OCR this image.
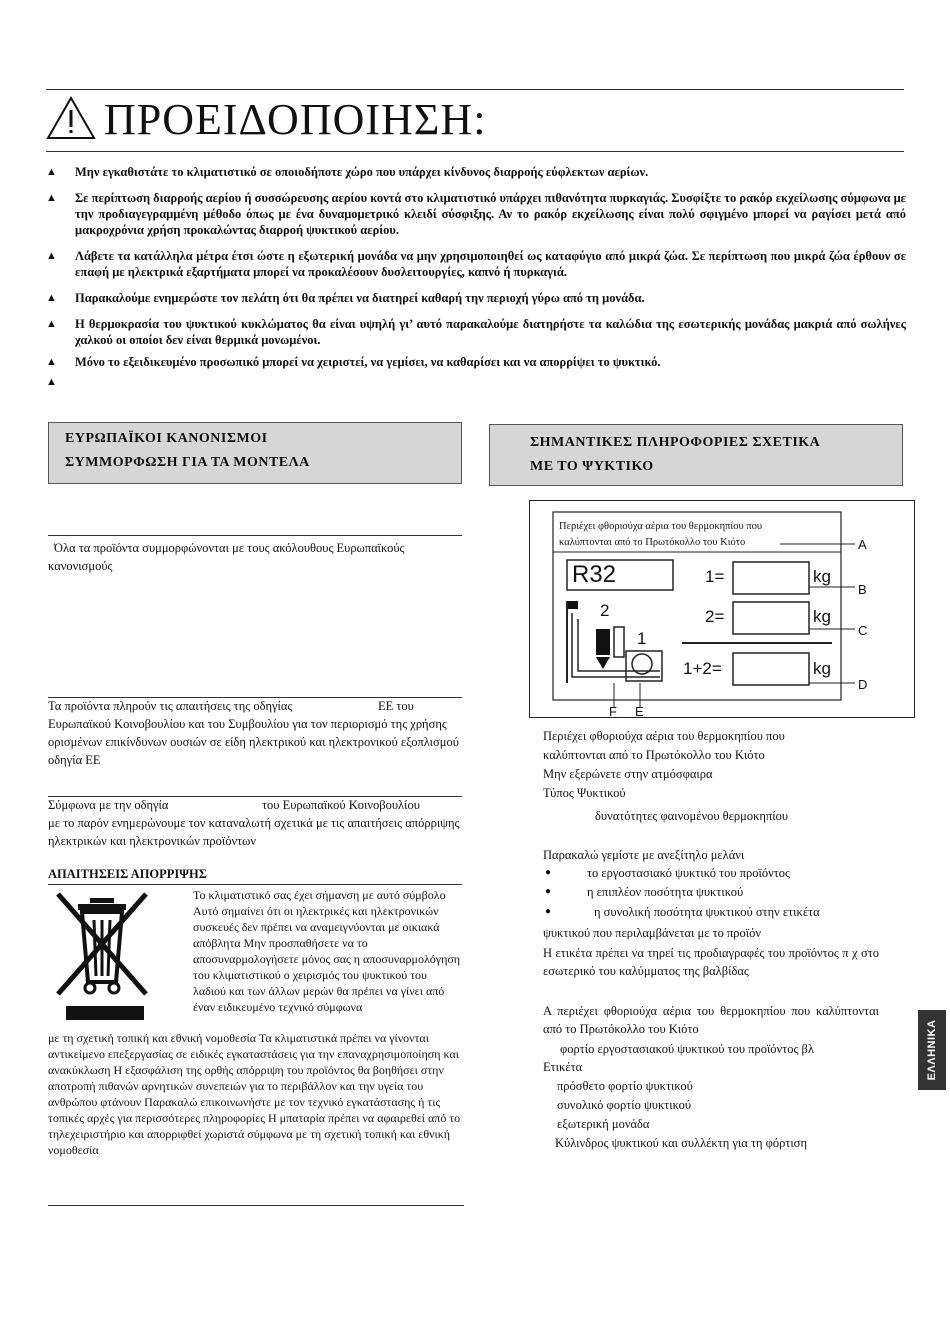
ΠΡΟΕΙΔΟΠΟΙΗΣΗ:
▲ Μην εγκαθιστάτε το κλιματιστικό σε οποιοδήποτε χώρο που υπάρχει κίνδυνος διαρροής εύφλεκτων αερίων.
▲ Σε περίπτωση διαρροής αερίου ή συσσώρευσης αερίου κοντά στο κλιματιστικό υπάρχει πιθανότητα πυρκαγιάς. Συσφίξτε το ρακόρ εκχείλωσης σύμφωνα με την προδιαγεγραμμένη μέθοδο όπως με ένα δυναμομετρικό κλειδί σύσφιξης. Αν το ρακόρ εκχείλωσης είναι πολύ σφιγμένο μπορεί να ραγίσει μετά από μακροχρόνια χρήση προκαλώντας διαρροή ψυκτικού αερίου.
▲ Λάβετε τα κατάλληλα μέτρα έτσι ώστε η εξωτερική μονάδα να μην χρησιμοποιηθεί ως καταφύγιο από μικρά ζώα. Σε περίπτωση που μικρά ζώα έρθουν σε επαφή με ηλεκτρικά εξαρτήματα μπορεί να προκαλέσουν δυσλειτουργίες, καπνό ή πυρκαγιά.
▲ Παρακαλούμε ενημερώστε τον πελάτη ότι θα πρέπει να διατηρεί καθαρή την περιοχή γύρω από τη μονάδα.
▲ Η θερμοκρασία του ψυκτικού κυκλώματος θα είναι υψηλή γι’ αυτό παρακαλούμε διατηρήστε τα καλώδια της εσωτερικής μονάδας μακριά από σωλήνες χαλκού οι οποίοι δεν είναι θερμικά μονωμένοι.
▲ Μόνο το εξειδικευμένο προσωπικό μπορεί να χειριστεί, να γεμίσει, να καθαρίσει και να απορρίψει το ψυκτικό.
▲
ΕΥΡΩΠΑΪΚΟΙ ΚΑΝΟΝΙΣΜΟΙ
ΣΥΜΜΟΡΦΩΣΗ ΓΙΑ ΤΑ ΜΟΝΤΕΛΑ
Όλα τα προϊόντα συμμορφώνονται με τους ακόλουθους Ευρωπαϊκούς κανονισμούς
Τα προϊόντα πληρούν τις απαιτήσεις της οδηγίας	ΕΕ του
Ευρωπαϊκού Κοινοβουλίου και του Συμβουλίου για τον περιορισμό της χρήσης ορισμένων επικίνδυνων ουσιών σε είδη ηλεκτρικού και ηλεκτρονικού εξοπλισμού οδηγία ΕΕ
Σύμφωνα με την οδηγία	του Ευρωπαϊκού Κοινοβουλίου
με το παρόν ενημερώνουμε τον καταναλωτή σχετικά με τις απαιτήσεις απόρριψης ηλεκτρικών και ηλεκτρονικών προϊόντων
ΑΠΑΙΤΗΣΕΙΣ ΑΠΟΡΡΙΨΗΣ
Το κλιματιστικό σας έχει σήμανση με αυτό σύμβολο Αυτό σημαίνει ότι οι ηλεκτρικές και ηλεκτρονικών συσκευές δεν πρέπει να αναμειγνύονται με οικιακά απόβλητα Μην προσπαθήσετε να το αποσυναρμολογήσετε μόνος σας η αποσυναρμολόγηση του κλιματιστικού ο χειρισμός του ψυκτικού του λαδιού και των άλλων μερών θα πρέπει να γίνει από έναν ειδικευμένο τεχνικό σύμφωνα
με τη σχετική τοπική και εθνική νομοθεσία Τα κλιματιστικά πρέπει να γίνονται αντικείμενο επεξεργασίας σε ειδικές εγκαταστάσεις για την επαναχρησιμοποίηση και ανακύκλωση Η εξασφάλιση της ορθής απόρριψη του προϊόντος θα βοηθήσει στην αποτροπή πιθανών αρνητικών συνεπειών για το περιβάλλον και την υγεία του ανθρώπου φτάνουν Παρακαλώ επικοινωνήστε με τον τεχνικό εγκατάστασης ή τις τοπικές αρχές για περισσότερες πληροφορίες Η μπαταρία πρέπει να αφαιρεθεί από το τηλεχειριστήριο και απορριφθεί χωριστά σύμφωνα με τη σχετική τοπική και εθνική νομοθεσία
ΣΗΜΑΝΤΙΚΕΣ ΠΛΗΡΟΦΟΡΙΕΣ ΣΧΕΤΙΚΑ
ΜΕ ΤΟ ΨΥΚΤΙΚΟ
Περιέχει φθοριούχα αέρια του θερμοκηπίου που
καλύπτονται από το Πρωτόκολλο του Κιότο
R32	1=
2=
1+2=
kg
kg
kg
2
1
A
B
C
D
F E
Περιέχει φθοριούχα αέρια του θερμοκηπίου που
καλύπτονται από το Πρωτόκολλο του Κιότο
Μην εξερώνετε στην ατμόσφαιρα
Τύπος Ψυκτικού
δυνατότητες φαινομένου θερμοκηπίου
Παρακαλώ γεμίστε με ανεξίτηλο μελάνι
●	το εργοστασιακό ψυκτικό του προϊόντος
●	η επιπλέον ποσότητα ψυκτικού
●	η συνολική ποσότητα ψυκτικού στην ετικέτα
ψυκτικού που περιλαμβάνεται με το προϊόν
Η ετικέτα πρέπει να τηρεί τις προδιαγραφές του προϊόντος π χ στο εσωτερικό του καλύμματος της βαλβίδας
Α περιέχει φθοριούχα αέρια του θερμοκηπίου που καλύπτονται από το Πρωτόκολλο του Κιότο
φορτίο εργοστασιακού ψυκτικού του προϊόντος βλ
Ετικέτα
πρόσθετο φορτίο ψυκτικού
συνολικό φορτίο ψυκτικού
εξωτερική μονάδα
Κύλινδρος ψυκτικού και συλλέκτη για τη φόρτιση
ΕΛΛΗΝΙΚΑ
